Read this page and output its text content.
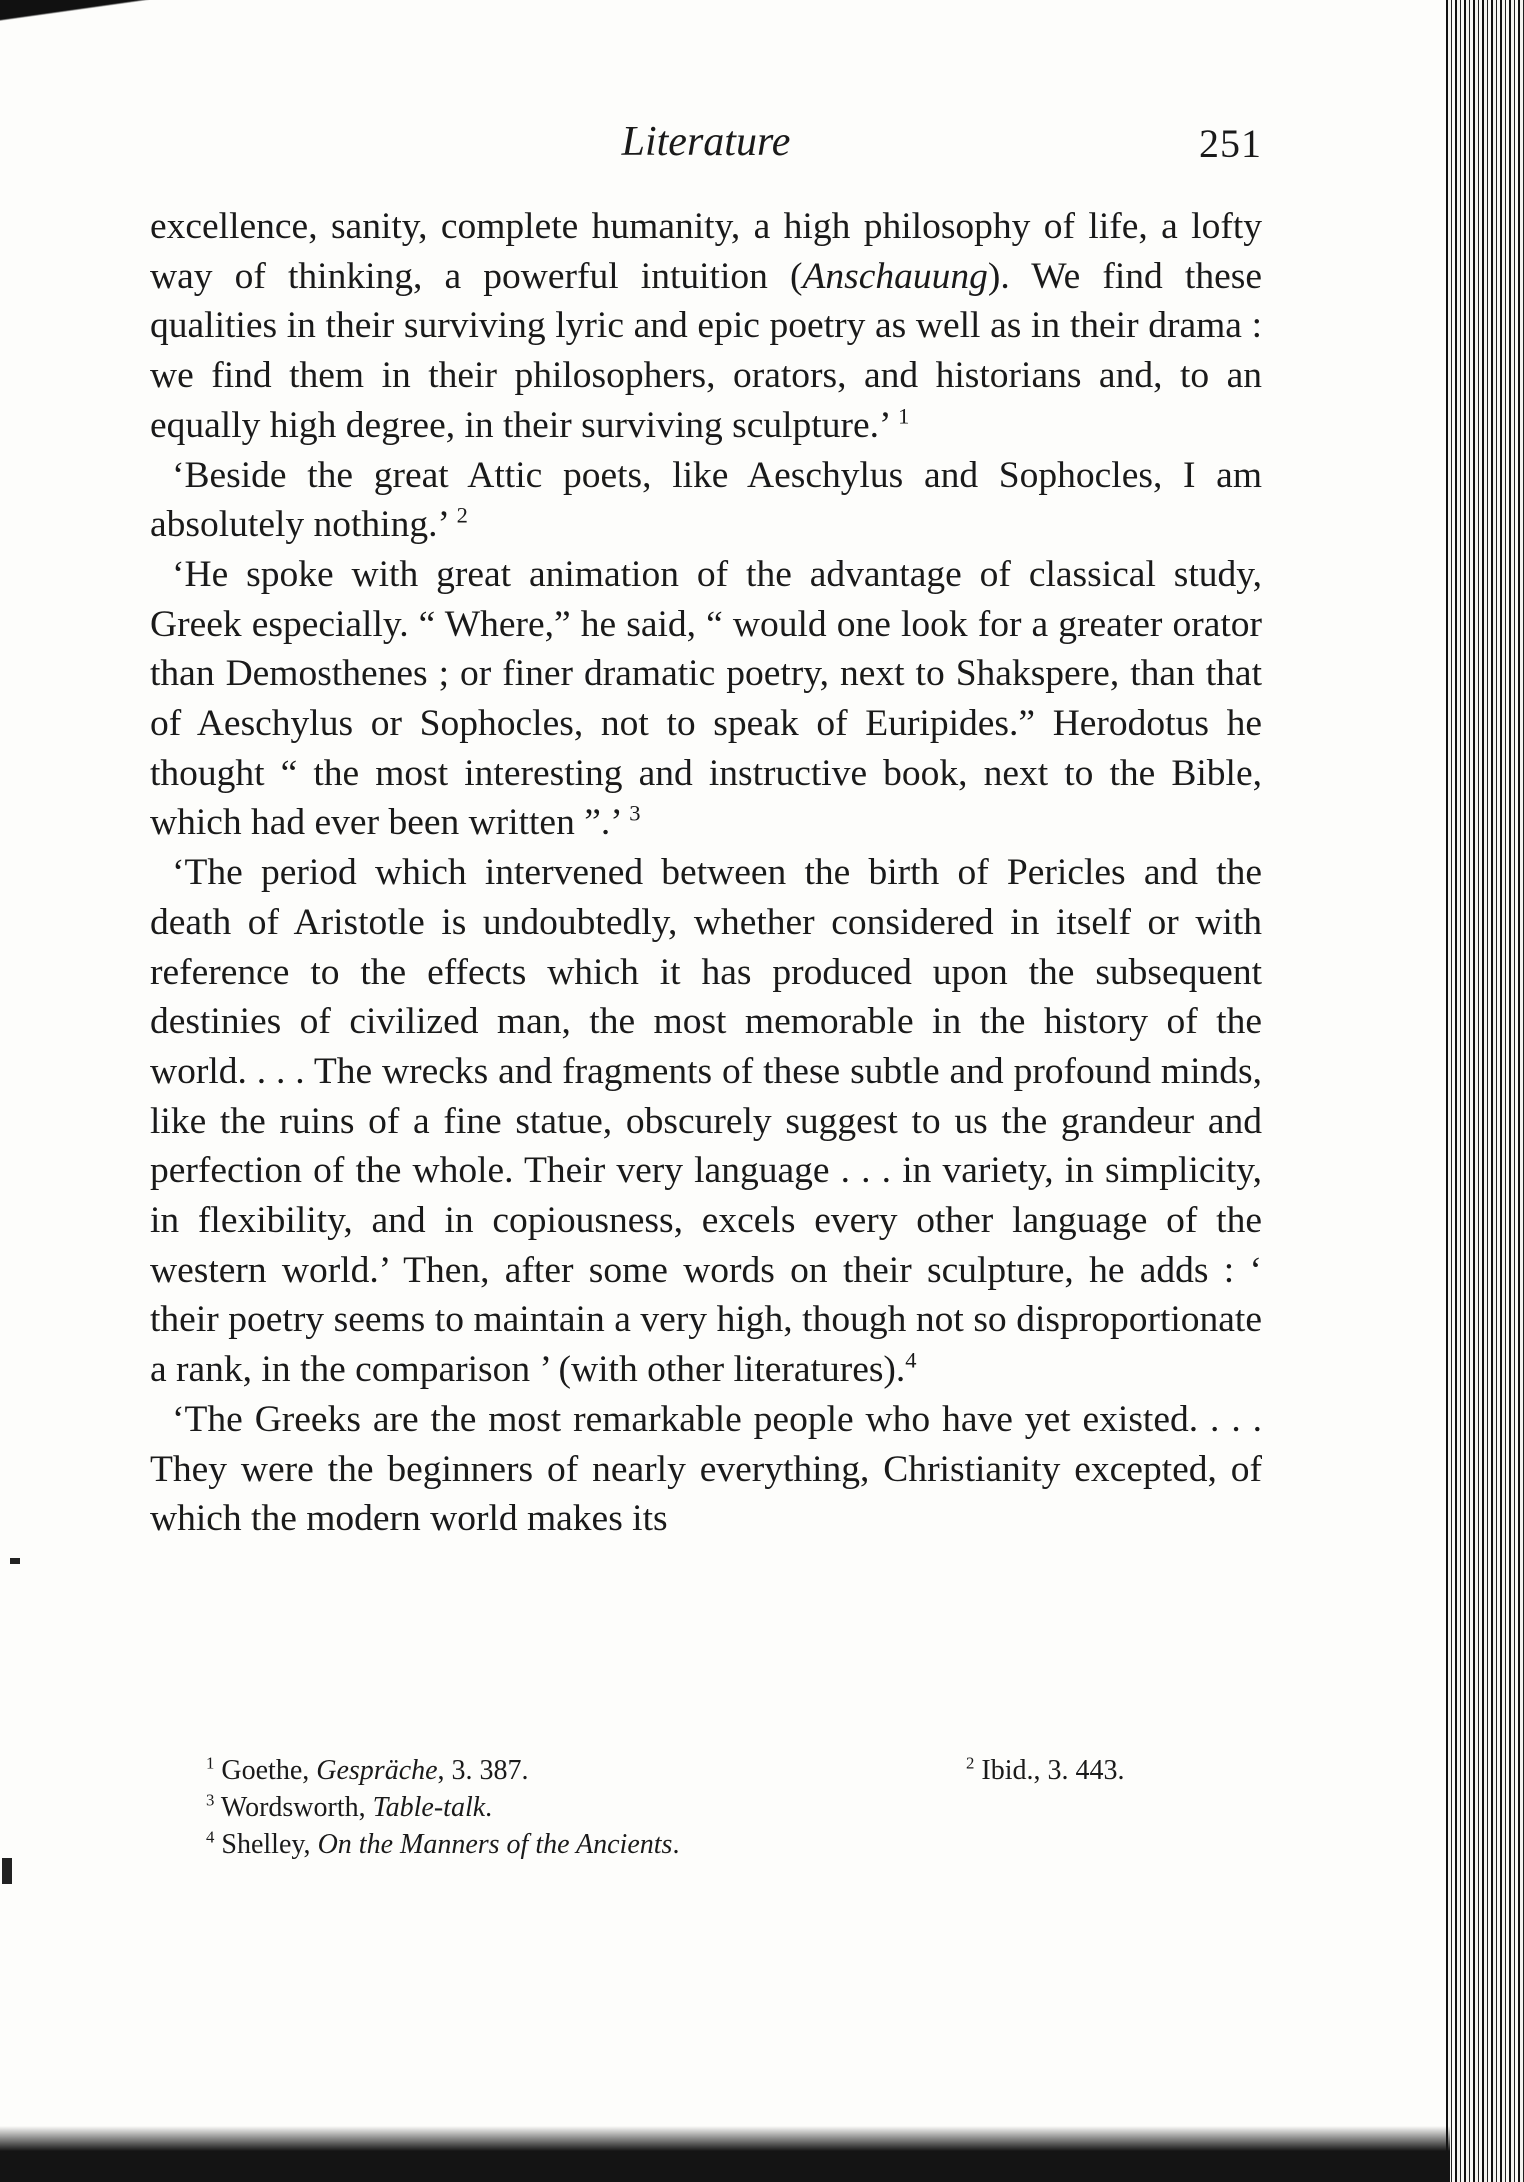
Literature	251

excellence, sanity, complete humanity, a high philosophy of life, a lofty way of thinking, a powerful intuition (Anschauung). We find these qualities in their surviving lyric and epic poetry as well as in their drama : we find them in their philosophers, orators, and historians and, to an equally high degree, in their surviving sculpture.’ $^1$

‘Beside the great Attic poets, like Aeschylus and Sophocles, I am absolutely nothing.’ $^2$

‘He spoke with great animation of the advantage of classical study, Greek especially. “ Where,” he said, “ would one look for a greater orator than Demosthenes ; or finer dramatic poetry, next to Shakspere, than that of Aeschylus or Sophocles, not to speak of Euripides.” Herodotus he thought “ the most interesting and instructive book, next to the Bible, which had ever been written ”.’ $^3$

‘The period which intervened between the birth of Pericles and the death of Aristotle is undoubtedly, whether considered in itself or with reference to the effects which it has produced upon the subsequent destinies of civilized man, the most memorable in the history of the world. . . . The wrecks and fragments of these subtle and profound minds, like the ruins of a fine statue, obscurely suggest to us the grandeur and perfection of the whole. Their very language . . . in variety, in simplicity, in flexibility, and in copiousness, excels every other language of the western world.’ Then, after some words on their sculpture, he adds : ‘ their poetry seems to maintain a very high, though not so disproportionate a rank, in the comparison ’ (with other literatures).$^4$

‘The Greeks are the most remarkable people who have yet existed. . . . They were the beginners of nearly everything, Christianity excepted, of which the modern world makes its

$^1$ Goethe, Gespräche, 3. 387.	$^2$ Ibid., 3. 443.
$^3$ Wordsworth, Table-talk.
$^4$ Shelley, On the Manners of the Ancients.
